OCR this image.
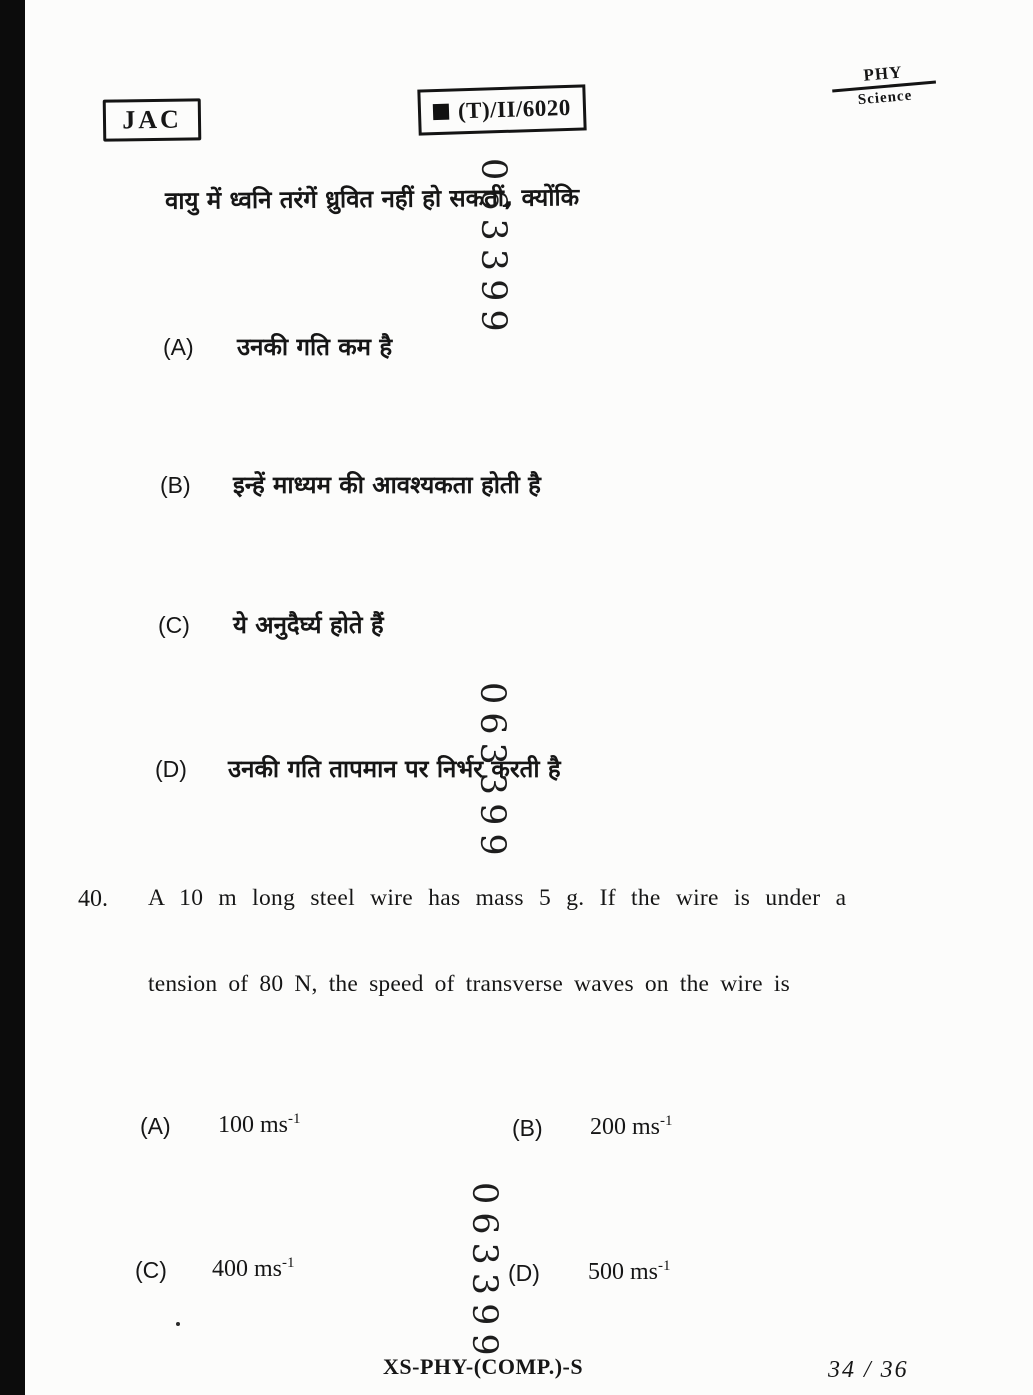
JAC	(T)/II/6020
PHY
Science
063399
063399
063399
वायु में ध्वनि तरंगें ध्रुवित नहीं हो सकतीं, क्योंकि
(A) उनकी गति कम है
(B) इन्हें माध्यम की आवश्यकता होती है
(C) ये अनुदैर्घ्य होते हैं
(D) उनकी गति तापमान पर निर्भर करती है
40. A 10 m long steel wire has mass 5 g. If the wire is under a
tension of 80 N, the speed of transverse waves on the wire is
(A) 100 $ms^{-1}$	(B) 200 $ms^{-1}$
(C) 400 $ms^{-1}$	(D) 500 $ms^{-1}$
XS-PHY-(COMP.)-S	34 / 36
